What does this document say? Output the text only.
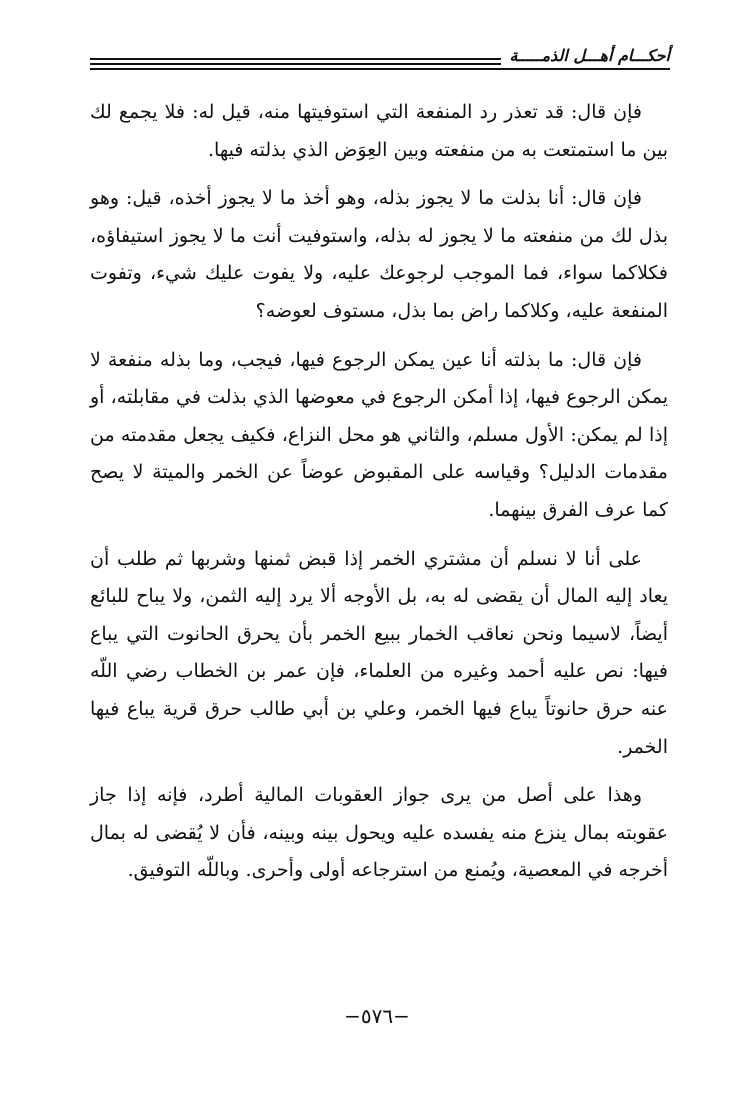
أحكـــام أهـــل الذمـــــة

فإن قال: قد تعذر رد المنفعة التي استوفيتها منه، قيل له: فلا يجمع لك بين ما استمتعت به من منفعته وبين العِوَض الذي بذلته فيها.

فإن قال: أنا بذلت ما لا يجوز بذله، وهو أخذ ما لا يجوز أخذه، قيل: وهو بذل لك من منفعته ما لا يجوز له بذله، واستوفيت أنت ما لا يجوز استيفاؤه، فكلاكما سواء، فما الموجب لرجوعك عليه، ولا يفوت عليك شيء، وتفوت المنفعة عليه، وكلاكما راض بما بذل، مستوف لعوضه؟

فإن قال: ما بذلته أنا عين يمكن الرجوع فيها، فيجب، وما بذله منفعة لا يمكن الرجوع فيها، إذا أمكن الرجوع في معوضها الذي بذلت في مقابلته، أو إذا لم يمكن: الأول مسلم، والثاني هو محل النزاع، فكيف يجعل مقدمته من مقدمات الدليل؟ وقياسه على المقبوض عوضاً عن الخمر والميتة لا يصح كما عرف الفرق بينهما.

على أنا لا نسلم أن مشتري الخمر إذا قبض ثمنها وشربها ثم طلب أن يعاد إليه المال أن يقضى له به، بل الأوجه ألا يرد إليه الثمن، ولا يباح للبائع أيضاً، لاسيما ونحن نعاقب الخمار ببيع الخمر بأن يحرق الحانوت التي يباع فيها: نص عليه أحمد وغيره من العلماء، فإن عمر بن الخطاب رضي اللّه عنه حرق حانوتاً يباع فيها الخمر، وعلي بن أبي طالب حرق قرية يباع فيها الخمر.

وهذا على أصل من يرى جواز العقوبات المالية أطرد، فإنه إذا جاز عقوبته بمال ينزع منه يفسده عليه ويحول بينه وبينه، فأن لا يُقضى له بمال أخرجه في المعصية، ويُمنع من استرجاعه أولى وأحرى. وباللّه التوفيق.

−٥٧٦−
